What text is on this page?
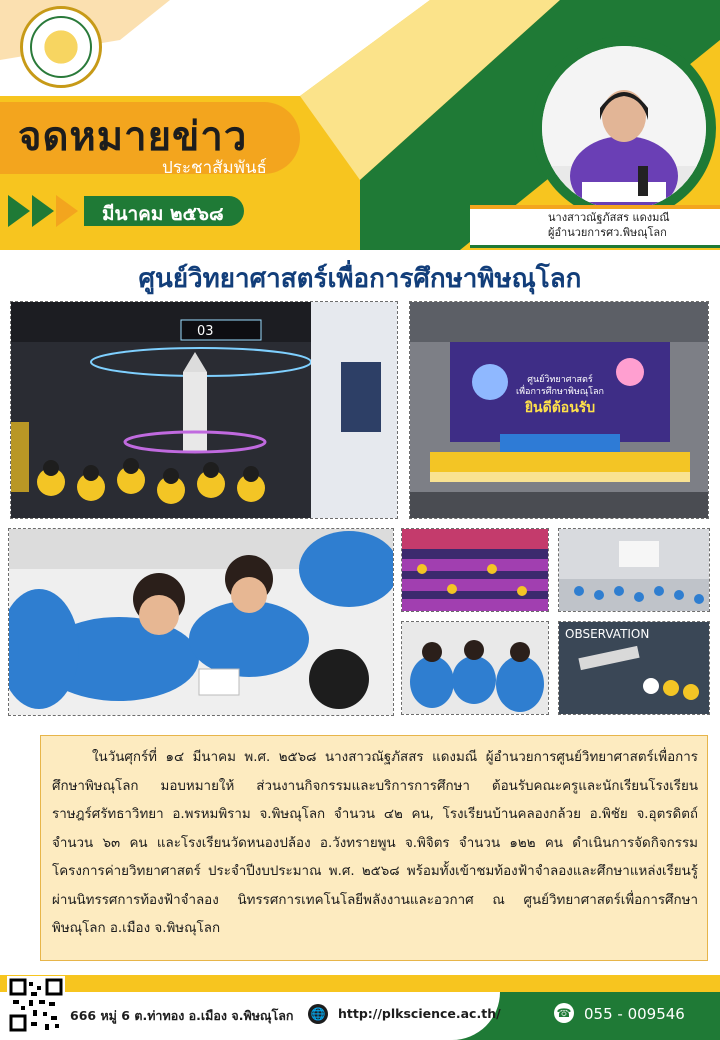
จดหมายข่าว
ประชาสัมพันธ์
มีนาคม ๒๕๖๘	นางสาวณัฐภัสสร แดงมณี
ผู้อำนวยการศว.พิษณุโลก
ศูนย์วิทยาศาสตร์เพื่อการศึกษาพิษณุโลก
03
ศูนย์วิทยาศาสตร์
เพื่อการศึกษาพิษณุโลก
ยินดีต้อนรับ
OBSERVATION
ในวันศุกร์ที่ ๑๔ มีนาคม พ.ศ. ๒๕๖๘ นางสาวณัฐภัสสร แดงมณี ผู้อำนวยการศูนย์วิทยาศาสตร์เพื่อการศึกษาพิษณุโลก มอบหมายให้ ส่วนงานกิจกรรมและบริการการศึกษา ต้อนรับคณะครูและนักเรียนโรงเรียนราษฎร์ศรัทธาวิทยา อ.พรหมพิราม จ.พิษณุโลก จำนวน ๔๒ คน, โรงเรียนบ้านคลองกล้วย อ.พิชัย จ.อุตรดิตถ์ จำนวน ๖๓ คน และโรงเรียนวัดหนองปล้อง อ.วังทรายพูน จ.พิจิตร จำนวน ๑๒๒ คน ดำเนินการจัดกิจกรรมโครงการค่ายวิทยาศาสตร์ ประจำปีงบประมาณ พ.ศ. ๒๕๖๘ พร้อมทั้งเข้าชมท้องฟ้าจำลองและศึกษาแหล่งเรียนรู้ผ่านนิทรรศการท้องฟ้าจำลอง นิทรรศการเทคโนโลยีพลังงานและอวกาศ ณ ศูนย์วิทยาศาสตร์เพื่อการศึกษาพิษณุโลก อ.เมือง จ.พิษณุโลก
666 หมู่ 6 ต.ท่าทอง อ.เมือง จ.พิษณุโลก 🌐 http://plkscience.ac.th/	☎ 055 - 009546
